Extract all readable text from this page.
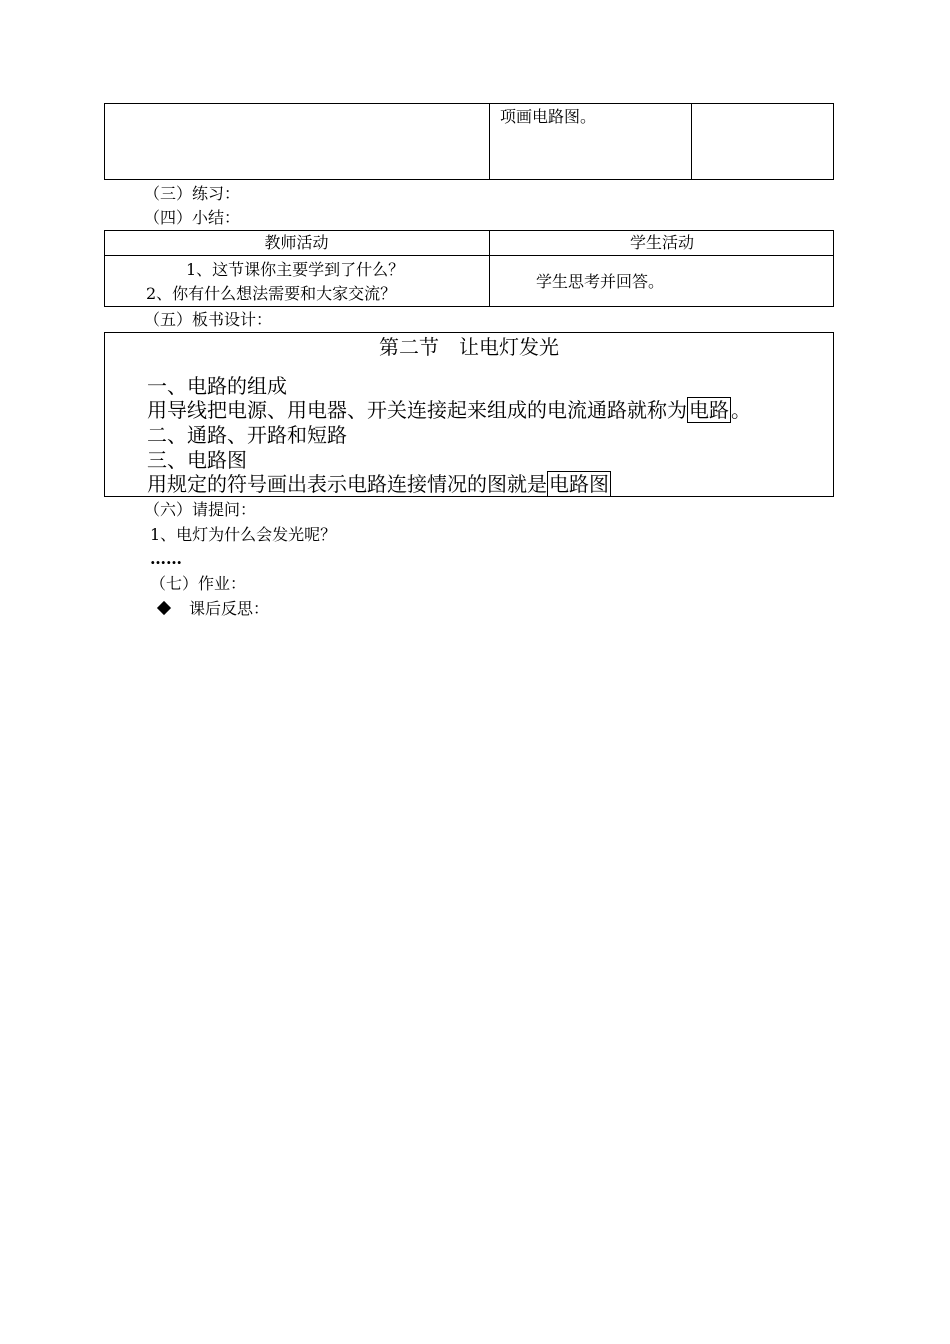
项画电路图。
（三）练习：
（四）小结：
教师活动	学生活动
1、这节课你主要学到了什么？
2、你有什么想法需要和大家交流？
学生思考并回答。
（五）板书设计：
第二节　让电灯发光
一、电路的组成
用导线把电源、用电器、开关连接起来组成的电流通路就称为 电路 。
二、通路、开路和短路
三、电路图
用规定的符号画出表示电路连接情况的图就是 电路图
（六）请提问：
1、电灯为什么会发光呢？
……
（七）作业：
课后反思：
